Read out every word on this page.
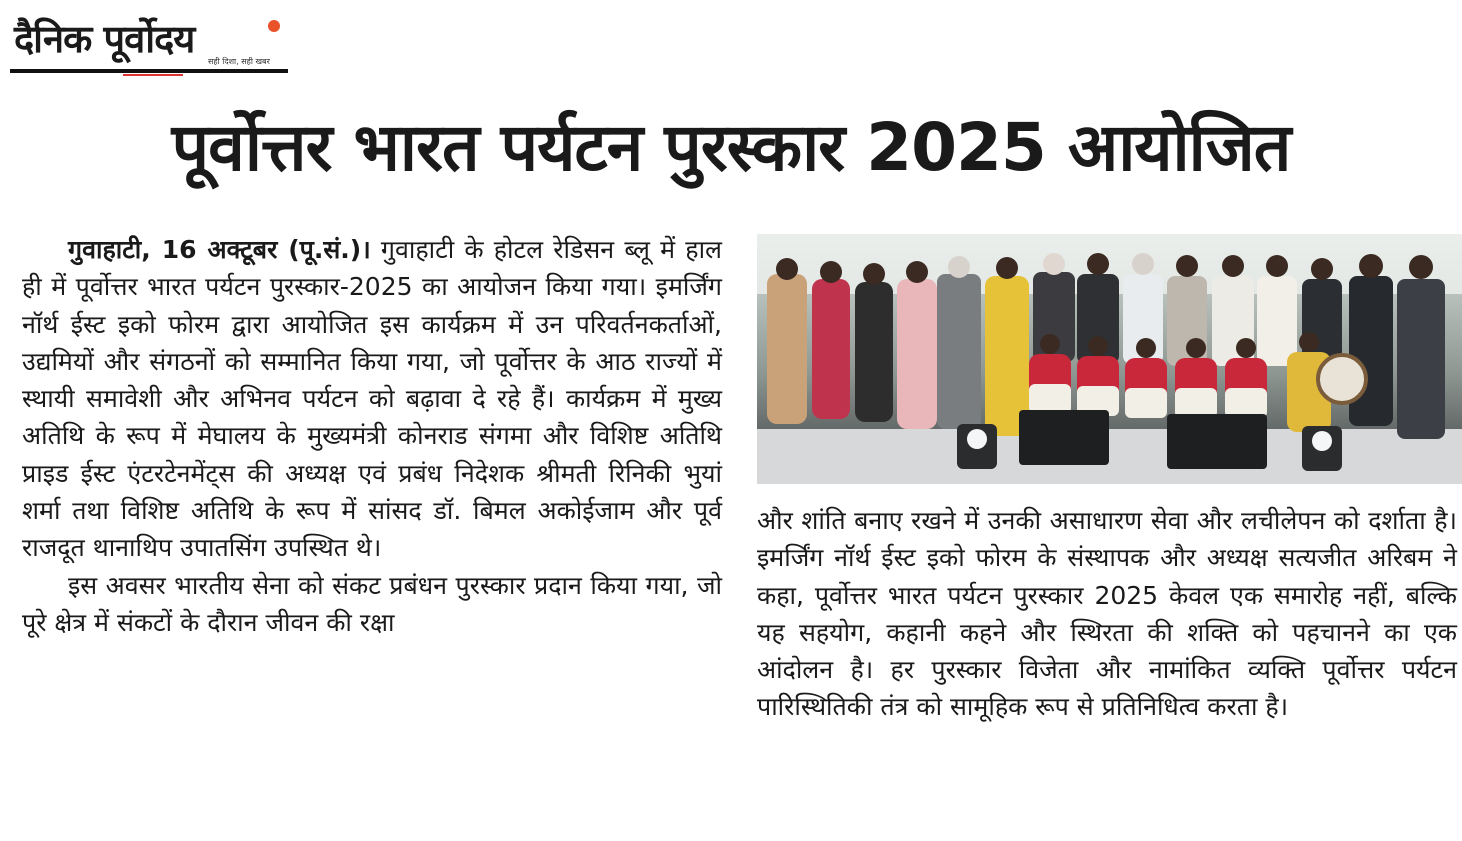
दैनिक पूर्वोदय
सही दिशा, सही खबर
पूर्वोत्तर भारत पर्यटन पुरस्कार 2025 आयोजित

गुवाहाटी, 16 अक्टूबर (पू.सं.)। गुवाहाटी के होटल रेडिसन ब्लू में हाल ही में पूर्वोत्तर भारत पर्यटन पुरस्कार-2025 का आयोजन किया गया। इमर्जिंग नॉर्थ ईस्ट इको फोरम द्वारा आयोजित इस कार्यक्रम में उन परिवर्तनकर्ताओं, उद्यमियों और संगठनों को सम्मानित किया गया, जो पूर्वोत्तर के आठ राज्यों में स्थायी समावेशी और अभिनव पर्यटन को बढ़ावा दे रहे हैं। कार्यक्रम में मुख्य अतिथि के रूप में मेघालय के मुख्यमंत्री कोनराड संगमा और विशिष्ट अतिथि प्राइड ईस्ट एंटरटेनमेंट्स की अध्यक्ष एवं प्रबंध निदेशक श्रीमती रिनिकी भुयां शर्मा तथा विशिष्ट अतिथि के रूप में सांसद डॉ. बिमल अकोईजाम और पूर्व राजदूत थानाथिप उपातसिंग उपस्थित थे।

इस अवसर भारतीय सेना को संकट प्रबंधन पुरस्कार प्रदान किया गया, जो पूरे क्षेत्र में संकटों के दौरान जीवन की रक्षा

और शांति बनाए रखने में उनकी असाधारण सेवा और लचीलेपन को दर्शाता है। इमर्जिंग नॉर्थ ईस्ट इको फोरम के संस्थापक और अध्यक्ष सत्यजीत अरिबम ने कहा, पूर्वोत्तर भारत पर्यटन पुरस्कार 2025 केवल एक समारोह नहीं, बल्कि यह सहयोग, कहानी कहने और स्थिरता की शक्ति को पहचानने का एक आंदोलन है। हर पुरस्कार विजेता और नामांकित व्यक्ति पूर्वोत्तर पर्यटन पारिस्थितिकी तंत्र को सामूहिक रूप से प्रतिनिधित्व करता है।
